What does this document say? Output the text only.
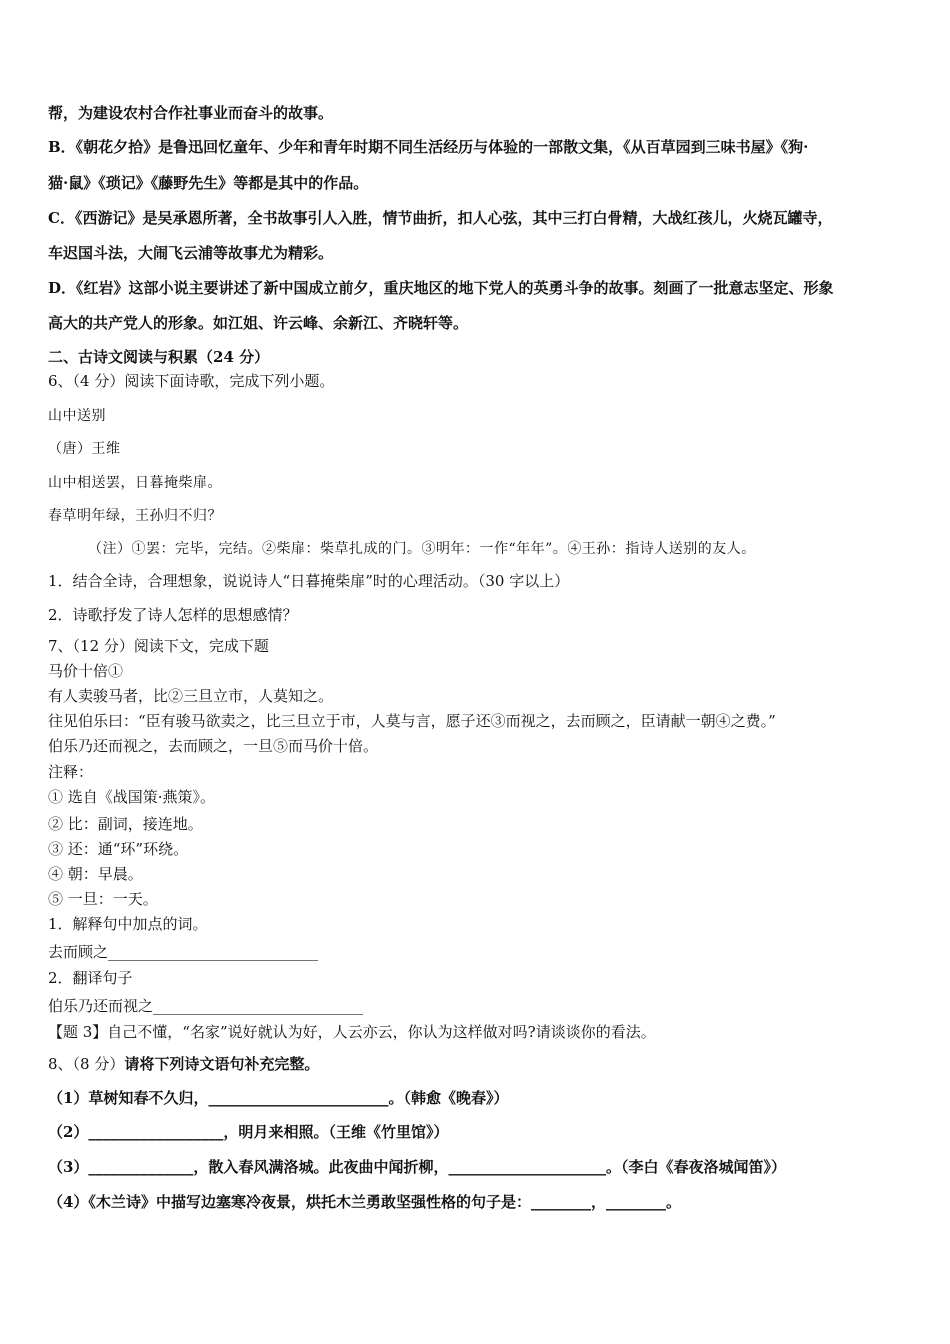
帮，为建设农村合作社事业而奋斗的故事。
B．《朝花夕拾》是鲁迅回忆童年、少年和青年时期不同生活经历与体验的一部散文集，《从百草园到三味书屋》《狗·
猫·鼠》《琐记》《藤野先生》等都是其中的作品。
C．《西游记》是吴承恩所著，全书故事引人入胜，情节曲折，扣人心弦，其中三打白骨精，大战红孩儿，火烧瓦罐寺，
车迟国斗法，大闹飞云浦等故事尤为精彩。
D．《红岩》这部小说主要讲述了新中国成立前夕，重庆地区的地下党人的英勇斗争的故事。刻画了一批意志坚定、形象
高大的共产党人的形象。如江姐、许云峰、余新江、齐晓轩等。
二、古诗文阅读与积累（24 分）
6、（4 分）阅读下面诗歌，完成下列小题。
山中送别
（唐）王维
山中相送罢，日暮掩柴扉。
春草明年绿，王孙归不归？
（注）①罢：完毕，完结。②柴扉：柴草扎成的门。③明年：一作“年年”。④王孙：指诗人送别的友人。
1．结合全诗，合理想象，说说诗人“日暮掩柴扉”时的心理活动。（30 字以上）
2．诗歌抒发了诗人怎样的思想感情？
7、（12 分）阅读下文，完成下题
马价十倍①
有人卖骏马者，比②三旦立市，人莫知之。
往见伯乐曰：“臣有骏马欲卖之，比三旦立于市，人莫与言，愿子还③而视之，去而顾之，臣请献一朝④之费。”
伯乐乃还而视之，去而顾之，一旦⑤而马价十倍。
注释：
① 选自《战国策·燕策》。
② 比：副词，接连地。
③ 还：通“环”环绕。
④ 朝：早晨。
⑤ 一旦：一天。
1．解释句中加点的词。
去而顾之____________________________
2．翻译句子
伯乐乃还而视之____________________________
【题 3】自己不懂，“名家”说好就认为好，人云亦云，你认为这样做对吗?请谈谈你的看法。
8、（8 分）请将下列诗文语句补充完整。
（1）草树知春不久归，________________________。（韩愈《晚春》）
（2）__________________，明月来相照。（王维《竹里馆》）
（3）______________，散入春风满洛城。此夜曲中闻折柳，_____________________。（李白《春夜洛城闻笛》）
（4）《木兰诗》中描写边塞寒冷夜景，烘托木兰勇敢坚强性格的句子是：________，________。
